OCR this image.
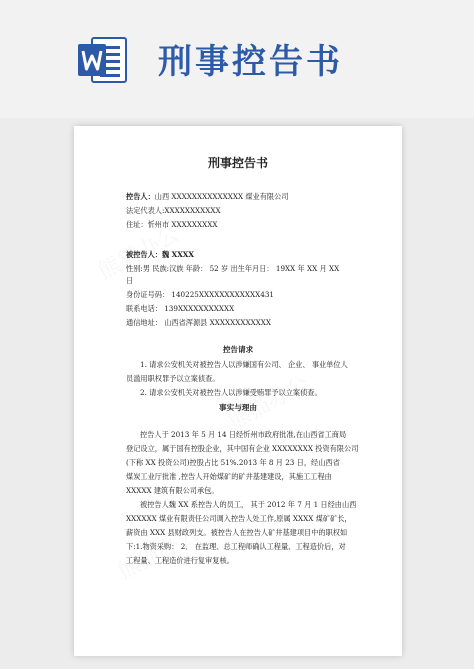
刑事控告书
刑事控告书
控告人：山西 XXXXXXXXXXXXXX 煤业有限公司
法定代表人:XXXXXXXXXXX
住址：忻州市 XXXXXXXXX
被控告人：魏 XXXX
性别:男 民族:汉族 年龄： 52 岁 出生年月日： 19XX 年 XX 月 XX
日
身份证号码： 140225XXXXXXXXXXXX431
联系电话： 139XXXXXXXXXXX
通信地址： 山西省浑源县 XXXXXXXXXXXX
控告请求
1. 请求公安机关对被控告人以涉嫌国有公司、 企业、 事业单位人
员滥用职权罪予以立案侦查。
2. 请求公安机关对被控告人以涉嫌受贿罪予以立案侦查。
事实与理由
控告人于 2013 年 5 月 14 日经忻州市政府批准,在山西省工商局
登记设立，属于国有控股企业，其中国有企业 XXXXXXXX 投资有限公司
(下称 XX 投资公司)控股占比 51%.2013 年 8 月 23 日，经山西省
煤炭工业厅批准 ,控告人开始煤矿的矿井基建建设，其施工工程由
XXXXX 建筑有限公司承包。
被控告人魏 XX 系控告人的员工， 其于 2012 年 7 月 1 日经由山西
XXXXXX 煤业有限责任公司调入控告人处工作,原属 XXXX 煤矿矿长，
薪资由 XXX 县财政列支。被控告人在控告人矿井基建项目中的职权如
下:1.物资采购： 2． 在监理、总工程师确认工程量、工程造价后，对
工程量、工程造价进行复审复核。
